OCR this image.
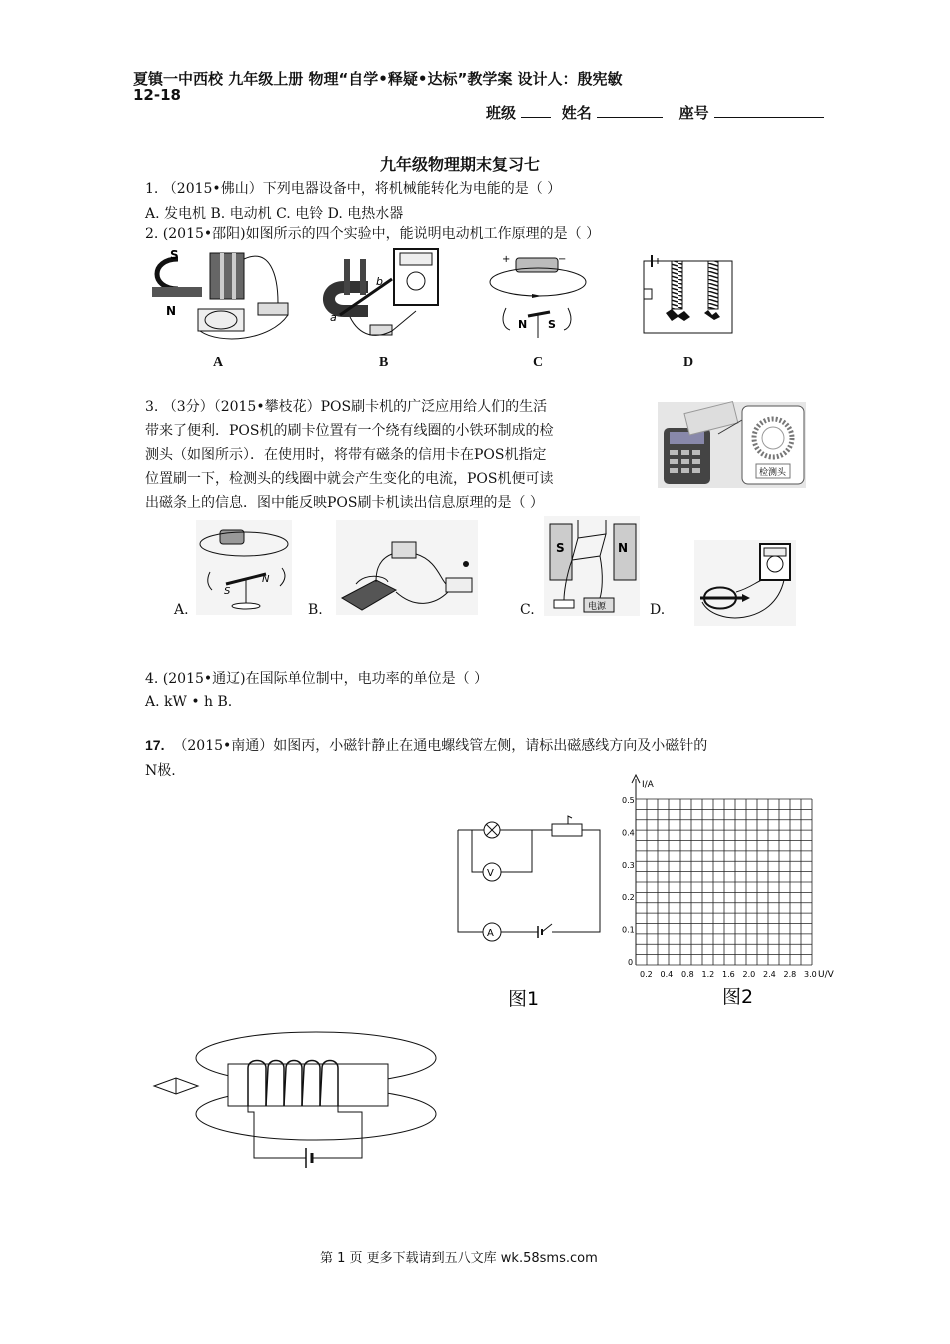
夏镇一中西校 九年级上册 物理“自学•释疑•达标”教学案 设计人：殷宪敏
12-18
班级	姓名	座号
九年级物理期末复习七
1. （2015•佛山）下列电器设备中，将机械能转化为电能的是（ ）
A. 发电机 B. 电动机 C. 电铃 D. 电热水器
2. (2015•邵阳)如图所示的四个实验中，能说明电动机工作原理的是（ ）
S
N
A
a
b
B
+	−
N S
C	D
3. （3分）（2015•攀枝花）POS刷卡机的广泛应用给人们的生活
带来了便利．POS机的刷卡位置有一个绕有线圈的小铁环制成的检
测头（如图所示）．在使用时，将带有磁条的信用卡在POS机指定
位置刷一下，检测头的线圈中就会产生变化的电流，POS机便可读
出磁条上的信息．图中能反映POS刷卡机读出信息原理的是（ ）
检测头
A.
S
N
B.	C.
S	N
电源	D.
4. (2015•通辽)在国际单位制中，电功率的单位是（ ）
A. kW • h B.
17. （2015•南通）如图丙，小磁针静止在通电螺线管左侧，请标出磁感线方向及小磁针的
N极.
V
A
图1
I/A
0.5
0.4
0.3
0.2
0.1
0
0.2 0.4 0.8 1.2 1.6 2.0 2.4 2.8 3.0 U/V
图2
第 1 页 更多下载请到五八文库 wk.58sms.com
